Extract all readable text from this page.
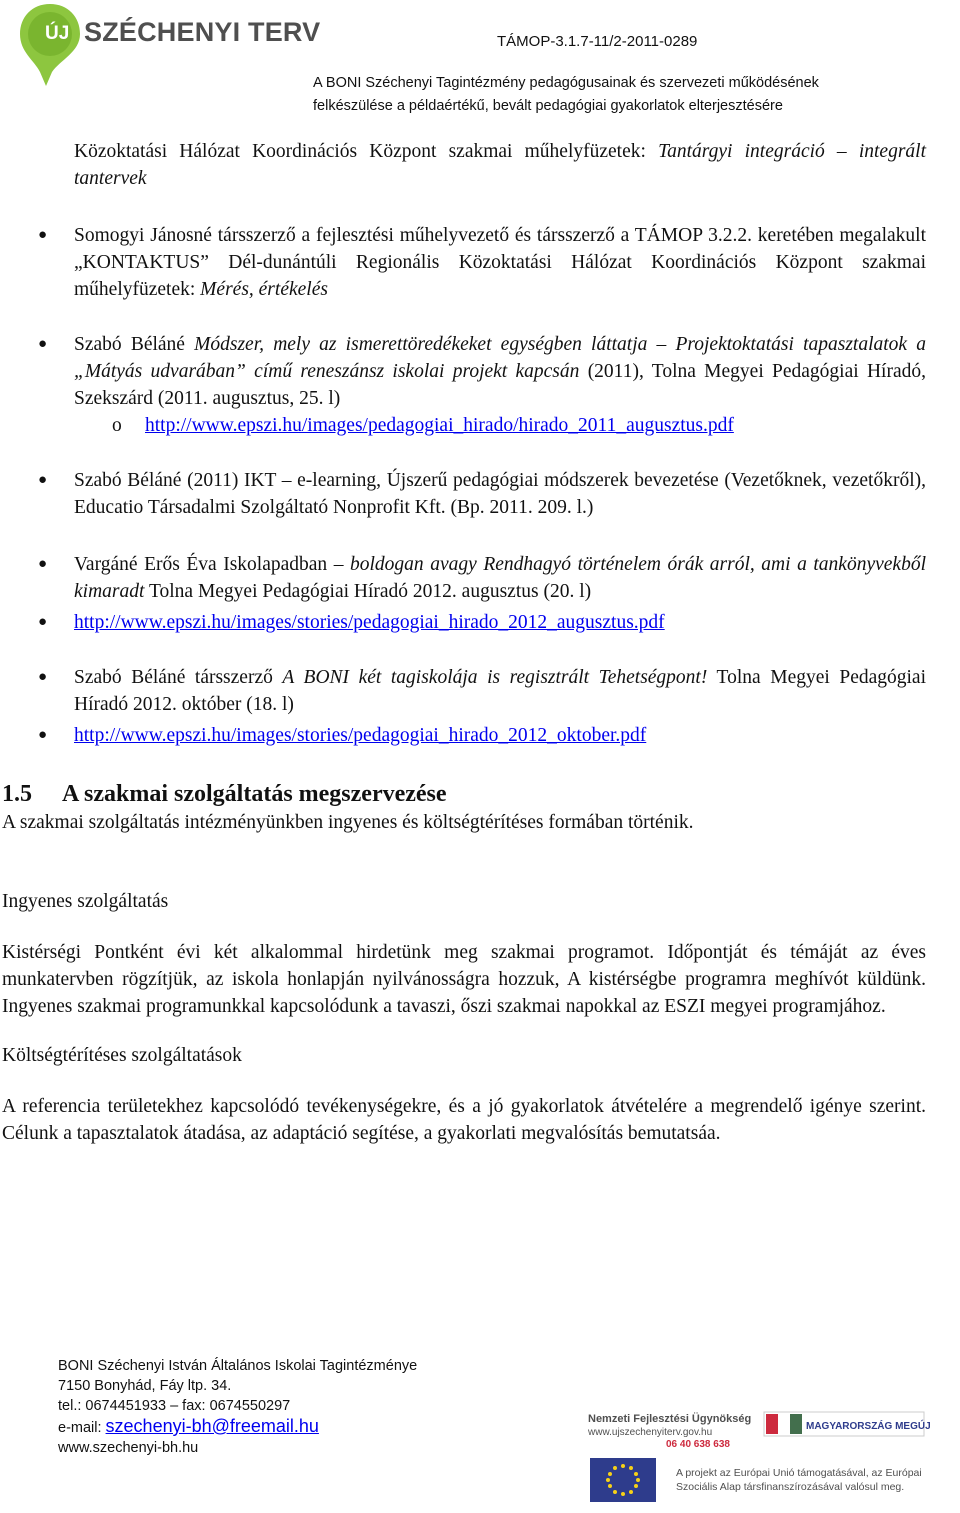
ÚJ SZÉCHENYI TERV	TÁMOP-3.1.7-11/2-2011-0289
A BONI Széchenyi Tagintézmény pedagógusainak és szervezeti működésének
felkészülése a példaértékű, bevált pedagógiai gyakorlatok elterjesztésére

Közoktatási Hálózat Koordinációs Központ szakmai műhelyfüzetek: Tantárgyi integráció – integrált tantervek

● Somogyi Jánosné társszerző a fejlesztési műhelyvezető és társszerző a TÁMOP 3.2.2. keretében megalakult „KONTAKTUS” Dél-dunántúli Regionális Közoktatási Hálózat Koordinációs Központ szakmai műhelyfüzetek: Mérés, értékelés

● Szabó Béláné Módszer, mely az ismerettöredékeket egységben láttatja – Projektoktatási tapasztalatok a „Mátyás udvarában” című reneszánsz iskolai projekt kapcsán (2011), Tolna Megyei Pedagógiai Híradó, Szekszárd (2011. augusztus, 25. l)

o http://www.epszi.hu/images/pedagogiai_hirado/hirado_2011_augusztus.pdf

● Szabó Béláné (2011) IKT – e-learning, Újszerű pedagógiai módszerek bevezetése (Vezetőknek, vezetőkről), Educatio Társadalmi Szolgáltató Nonprofit Kft. (Bp. 2011. 209. l.)

● Vargáné Erős Éva Iskolapadban – boldogan avagy Rendhagyó történelem órák arról, ami a tankönyvekből kimaradt Tolna Megyei Pedagógiai Híradó 2012. augusztus (20. l)

● http://www.epszi.hu/images/stories/pedagogiai_hirado_2012_augusztus.pdf

● Szabó Béláné társszerző A BONI két tagiskolája is regisztrált Tehetségpont! Tolna Megyei Pedagógiai Híradó 2012. október (18. l)

● http://www.epszi.hu/images/stories/pedagogiai_hirado_2012_oktober.pdf

1.5 A szakmai szolgáltatás megszervezése

A szakmai szolgáltatás intézményünkben ingyenes és költségtérítéses formában történik.

Ingyenes szolgáltatás

Kistérségi Pontként évi két alkalommal hirdetünk meg szakmai programot. Időpontját és témáját az éves munkatervben rögzítjük, az iskola honlapján nyilvánosságra hozzuk, A kistérségbe programra meghívót küldünk. Ingyenes szakmai programunkkal kapcsolódunk a tavaszi, őszi szakmai napokkal az ESZI megyei programjához.

Költségtérítéses szolgáltatások

A referencia területekhez kapcsolódó tevékenységekre, és a jó gyakorlatok átvételére a megrendelő igénye szerint. Célunk a tapasztalatok átadása, az adaptáció segítése, a gyakorlati megvalósítás bemutatsáa.

BONI Széchenyi István Általános Iskolai Tagintézménye
7150 Bonyhád, Fáy ltp. 34.
tel.: 0674451933 – fax: 0674550297
e-mail: szechenyi-bh@freemail.hu
www.szechenyi-bh.hu
Nemzeti Fejlesztési Ügynökség
www.ujszechenyiterv.gov.hu
06 40 638 638
MAGYARORSZÁG MEGÚJUL
A projekt az Európai Unió támogatásával, az Európai
Szociális Alap társfinanszírozásával valósul meg.
